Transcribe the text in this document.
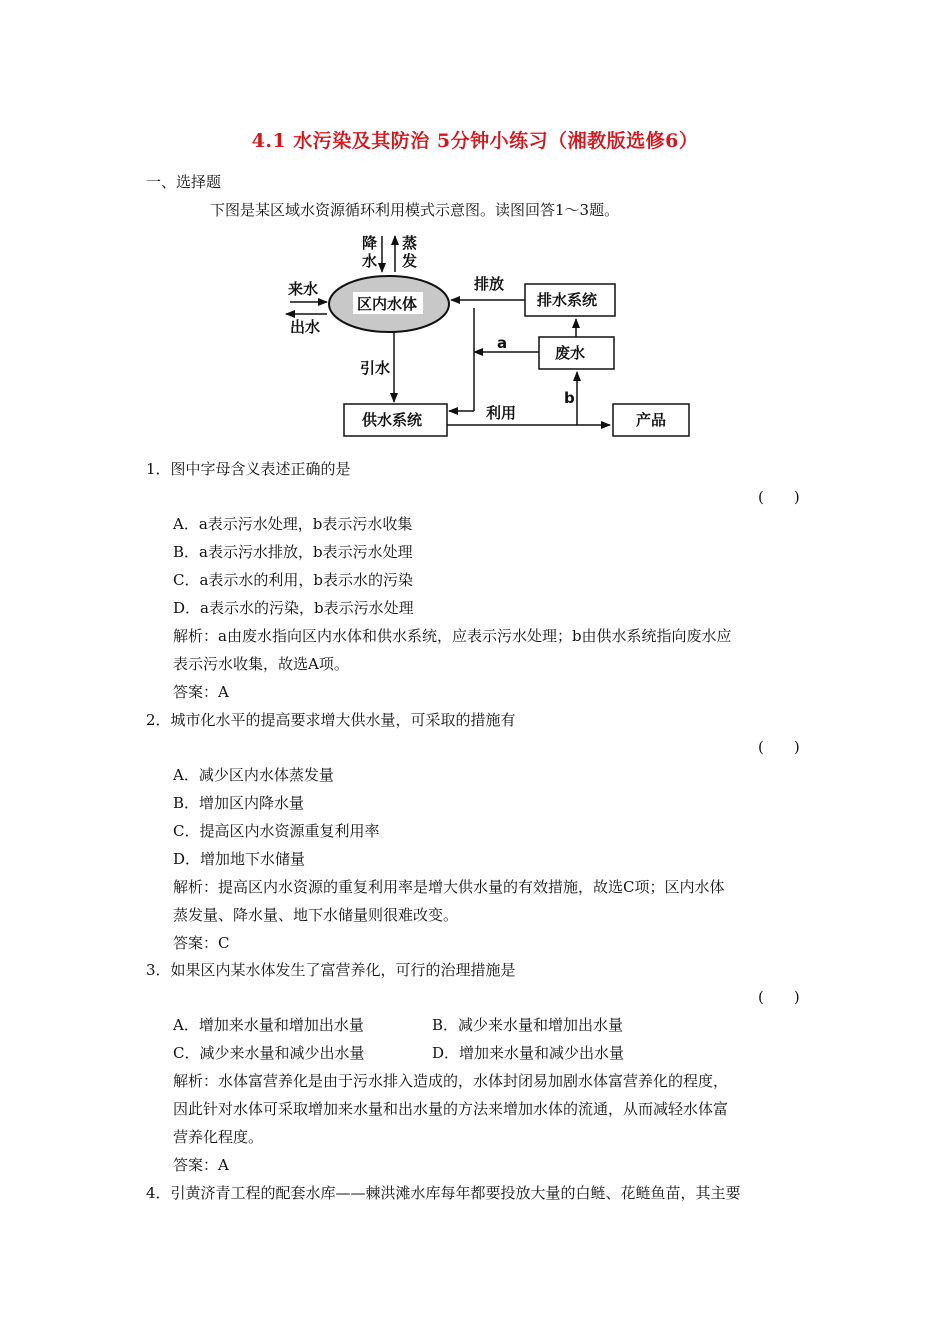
4.1 水污染及其防治 5分钟小练习（湘教版选修6）
一、选择题
下图是某区域水资源循环利用模式示意图。读图回答1～3题。
降
水
蒸
发
区内水体
来水
出水
排水系统
排放
废水
a
引水
供水系统	利用
b
产品
1．图中字母含义表述正确的是
(　　)
A．a表示污水处理，b表示污水收集
B．a表示污水排放，b表示污水处理
C．a表示水的利用，b表示水的污染
D．a表示水的污染，b表示污水处理
解析：a由废水指向区内水体和供水系统，应表示污水处理；b由供水系统指向废水应
表示污水收集，故选A项。
答案：A
2．城市化水平的提高要求增大供水量，可采取的措施有
(　　)
A．减少区内水体蒸发量
B．增加区内降水量
C．提高区内水资源重复利用率
D．增加地下水储量
解析：提高区内水资源的重复利用率是增大供水量的有效措施，故选C项；区内水体
蒸发量、降水量、地下水储量则很难改变。
答案：C
3．如果区内某水体发生了富营养化，可行的治理措施是
(　　)
A．增加来水量和增加出水量	B．减少来水量和增加出水量
C．减少来水量和减少出水量	D．增加来水量和减少出水量
解析：水体富营养化是由于污水排入造成的，水体封闭易加剧水体富营养化的程度，
因此针对水体可采取增加来水量和出水量的方法来增加水体的流通，从而减轻水体富
营养化程度。
答案：A
4．引黄济青工程的配套水库——棘洪滩水库每年都要投放大量的白鲢、花鲢鱼苗，其主要
